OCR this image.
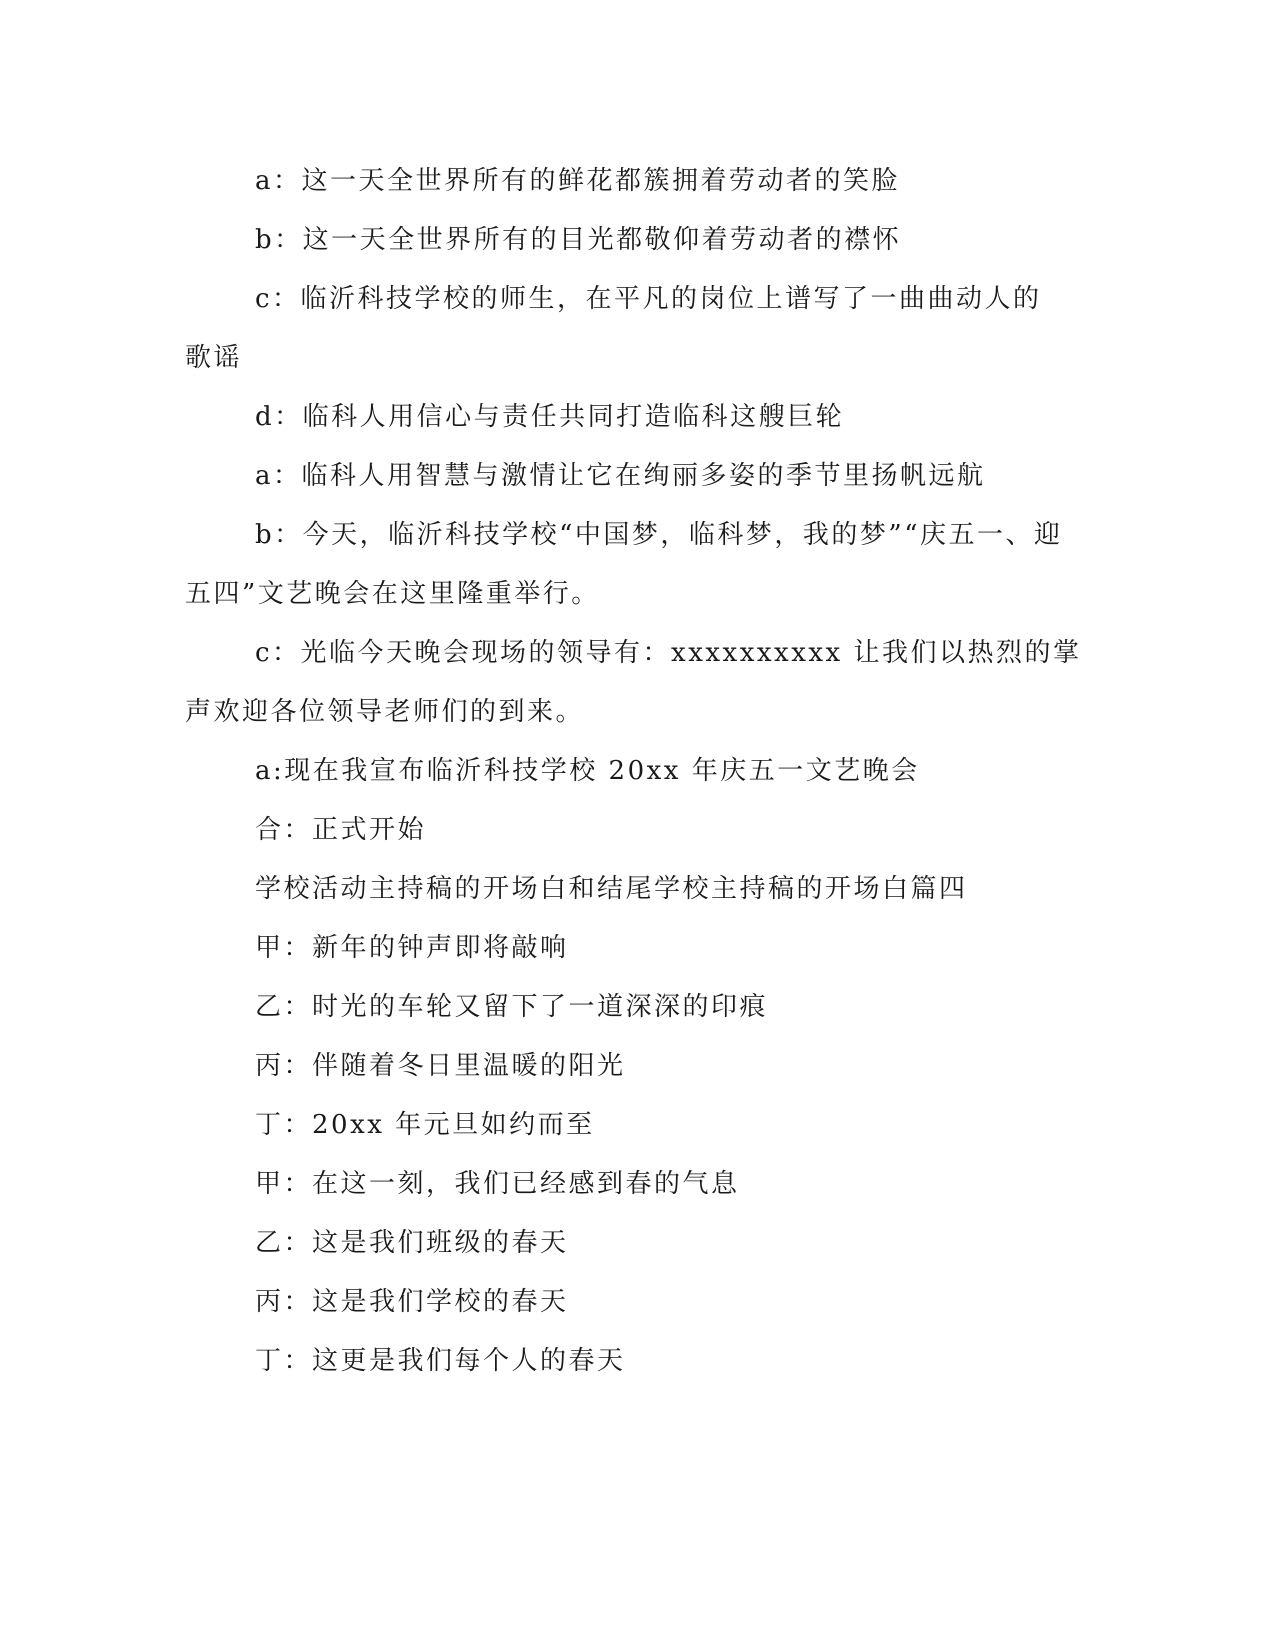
a：这一天全世界所有的鲜花都簇拥着劳动者的笑脸
b：这一天全世界所有的目光都敬仰着劳动者的襟怀
c：临沂科技学校的师生，在平凡的岗位上谱写了一曲曲动人的
歌谣
d：临科人用信心与责任共同打造临科这艘巨轮
a：临科人用智慧与激情让它在绚丽多姿的季节里扬帆远航
b：今天，临沂科技学校“中国梦，临科梦，我的梦”“庆五一、迎
五四”文艺晚会在这里隆重举行。
c：光临今天晚会现场的领导有：xxxxxxxxxx 让我们以热烈的掌
声欢迎各位领导老师们的到来。
a:现在我宣布临沂科技学校 20xx 年庆五一文艺晚会
合：正式开始
学校活动主持稿的开场白和结尾学校主持稿的开场白篇四
甲：新年的钟声即将敲响
乙：时光的车轮又留下了一道深深的印痕
丙：伴随着冬日里温暖的阳光
丁：20xx 年元旦如约而至
甲：在这一刻，我们已经感到春的气息
乙：这是我们班级的春天
丙：这是我们学校的春天
丁：这更是我们每个人的春天
